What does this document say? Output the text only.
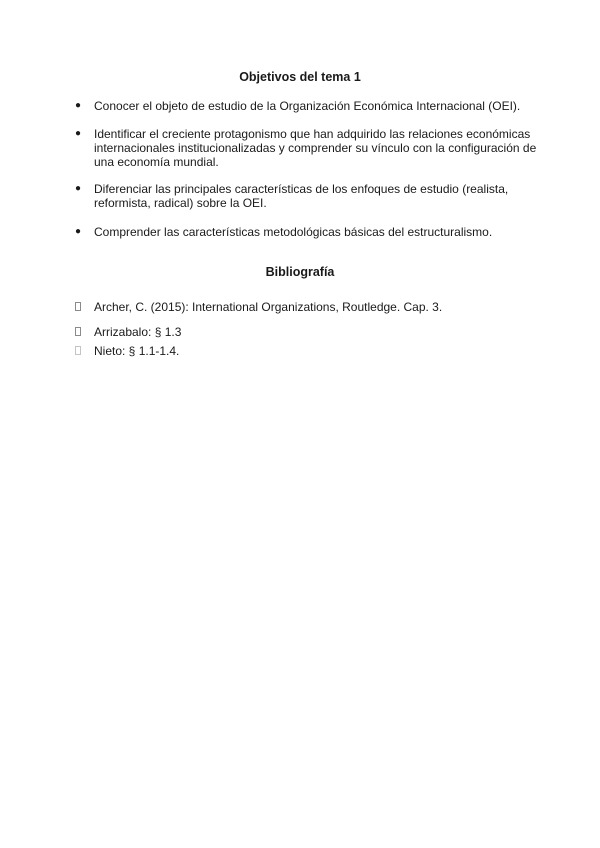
Objetivos del tema 1
● Conocer el objeto de estudio de la Organización Económica Internacional (OEI).
● Identificar el creciente protagonismo que han adquirido las relaciones económicas internacionales institucionalizadas y comprender su vínculo con la configuración de una economía mundial.
● Diferenciar las principales características de los enfoques de estudio (realista, reformista, radical) sobre la OEI.
● Comprender las características metodológicas básicas del estructuralismo.
Bibliografía
Archer, C. (2015): International Organizations, Routledge. Cap. 3.
Arrizabalo: § 1.3
Nieto: § 1.1-1.4.
